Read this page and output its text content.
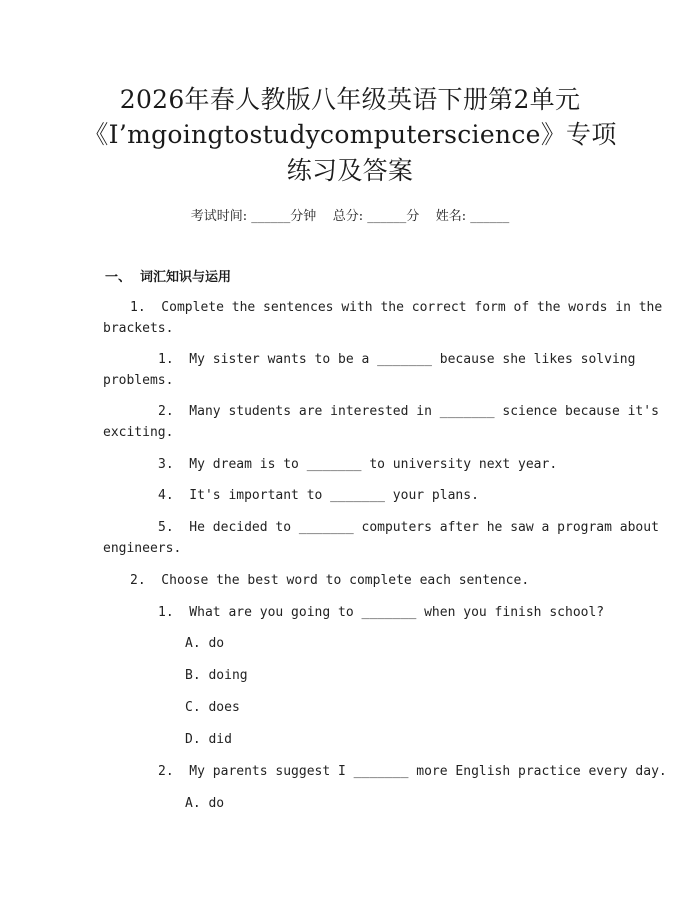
2026年春人教版八年级英语下册第2单元
《I’mgoingtostudycomputerscience》专项
练习及答案
考试时间: ______分钟    总分: ______分    姓名: ______
一、  词汇知识与运用
1.  Complete the sentences with the correct form of the words in the
brackets.
1.  My sister wants to be a _______ because she likes solving
problems.
2.  Many students are interested in _______ science because it's
exciting.
3.  My dream is to _______ to university next year.
4.  It's important to _______ your plans.
5.  He decided to _______ computers after he saw a program about
engineers.
2.  Choose the best word to complete each sentence.
1.  What are you going to _______ when you finish school?
A. do
B. doing
C. does
D. did
2.  My parents suggest I _______ more English practice every day.
A. do
